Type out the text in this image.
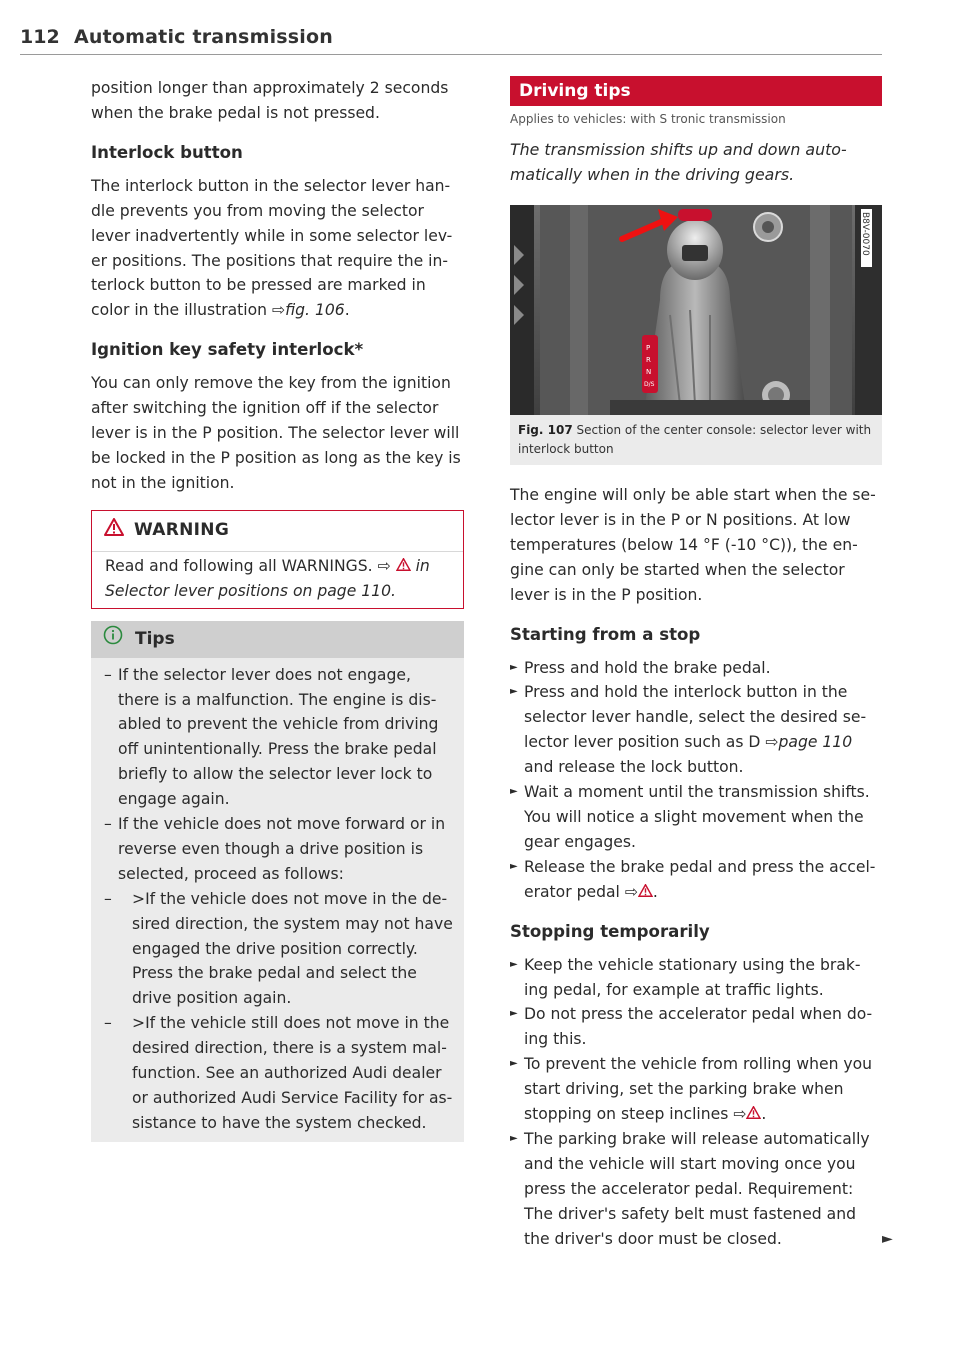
112 Automatic transmission

position longer than approximately 2 seconds when the brake pedal is not pressed.

Interlock button

The interlock button in the selector lever han-dle prevents you from moving the selector lever inadvertently while in some selector lev-er positions. The positions that require the in-terlock button to be pressed are marked in color in the illustration ⇨fig. 106.

Ignition key safety interlock*

You can only remove the key from the ignition after switching the ignition off if the selector lever is in the P position. The selector lever will be locked in the P position as long as the key is not in the ignition.

WARNING
Read and following all WARNINGS. ⇨ in Selector lever positions on page 110.
Tips
– If the selector lever does not engage, there is a malfunction. The engine is dis-abled to prevent the vehicle from driving off unintentionally. Press the brake pedal briefly to allow the selector lever lock to engage again.
– If the vehicle does not move forward or in reverse even though a drive position is selected, proceed as follows:
– >If the vehicle does not move in the de-sired direction, the system may not have engaged the drive position correctly. Press the brake pedal and select the drive position again.
– >If the vehicle still does not move in the desired direction, there is a system mal-function. See an authorized Audi dealer or authorized Audi Service Facility for as-sistance to have the system checked.
Driving tips
Applies to vehicles: with S tronic transmission

The transmission shifts up and down auto-matically when in the driving gears.

P
R
N
D/S
B8V-0070
Fig. 107 Section of the center console: selector lever with interlock button

The engine will only be able start when the se-lector lever is in the P or N positions. At low temperatures (below 14 °F (-10 °C)), the en-gine can only be started when the selector lever is in the P position.

Starting from a stop
► Press and hold the brake pedal.
► Press and hold the interlock button in the selector lever handle, select the desired se-lector lever position such as D ⇨page 110 and release the lock button.
► Wait a moment until the transmission shifts. You will notice a slight movement when the gear engages.
► Release the brake pedal and press the accel-erator pedal ⇨ .
Stopping temporarily
► Keep the vehicle stationary using the brak-ing pedal, for example at traffic lights.
► Do not press the accelerator pedal when do-ing this.
► To prevent the vehicle from rolling when you start driving, set the parking brake when stopping on steep inclines ⇨ .
► The parking brake will release automatically and the vehicle will start moving once you press the accelerator pedal. Requirement: The driver's safety belt must fastened and the driver's door must be closed.	►
